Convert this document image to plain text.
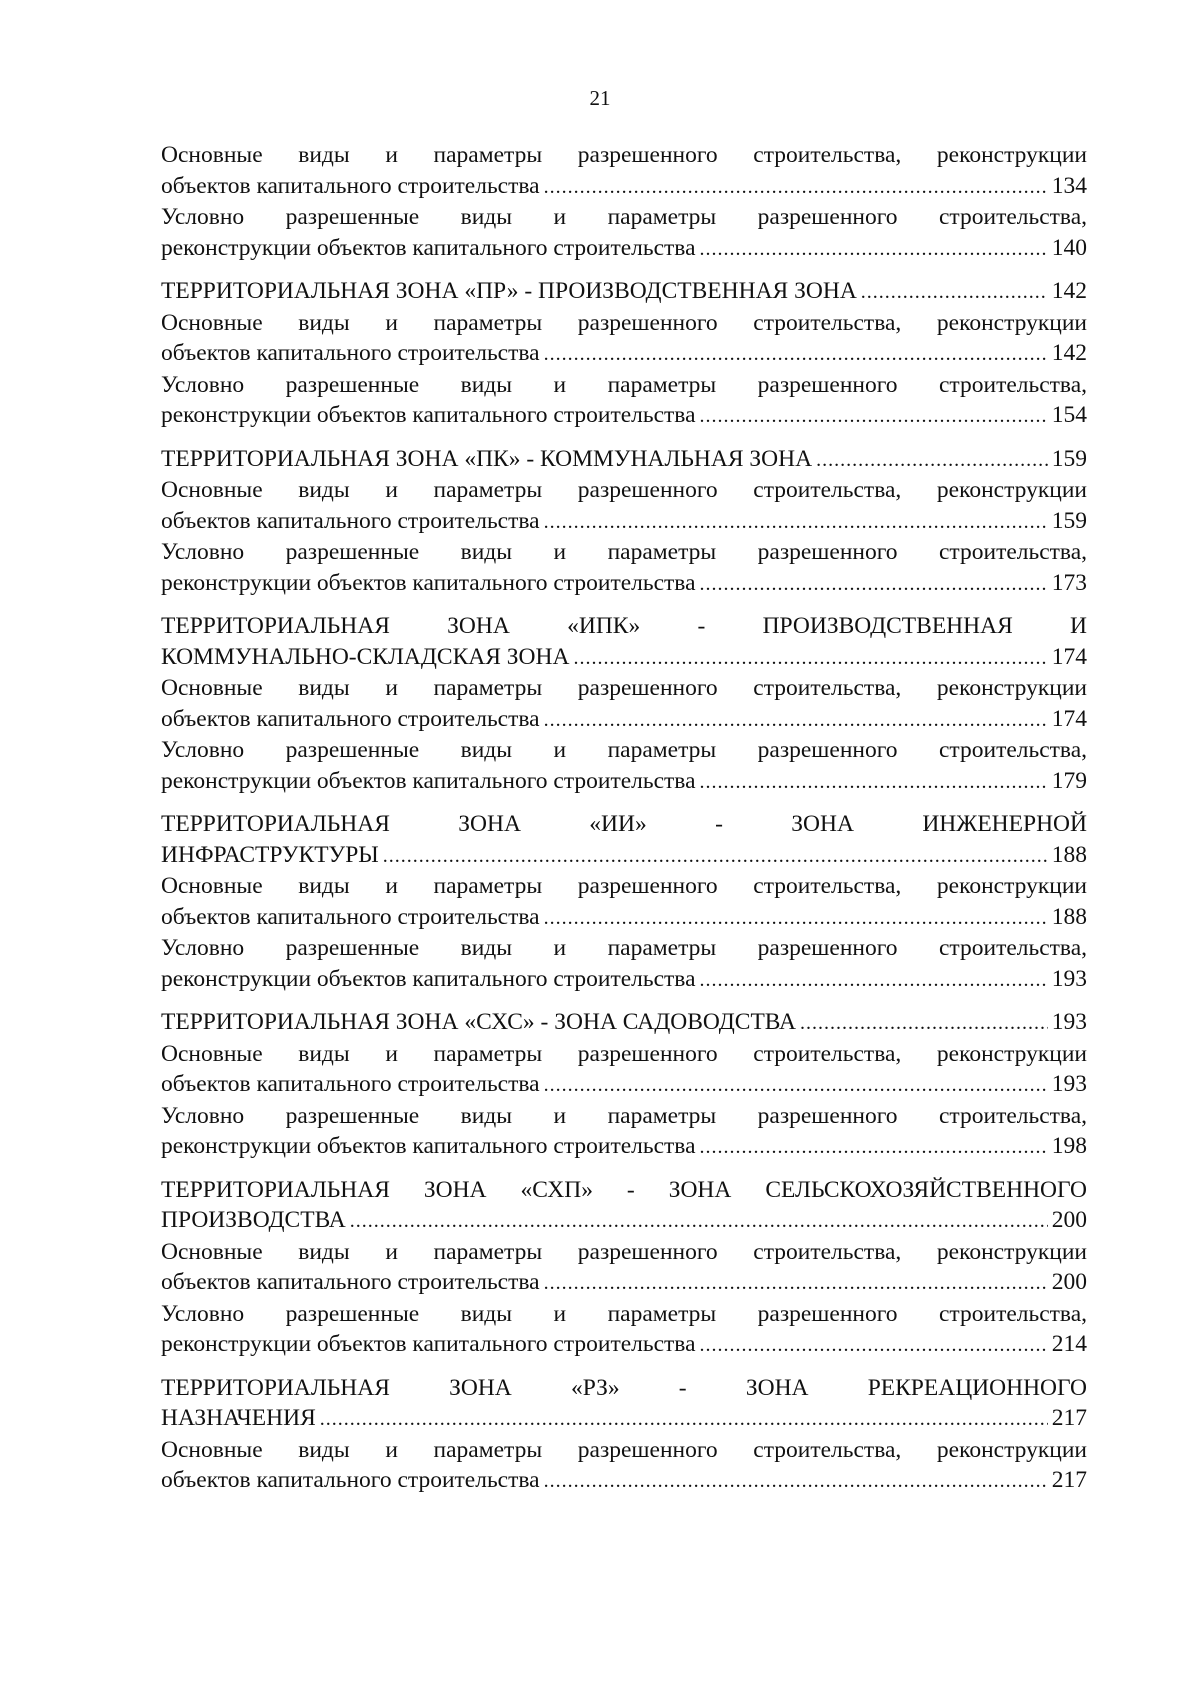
21
Основные виды и параметры разрешенного строительства, реконструкции
объектов капитального строительства .....	134
Условно разрешенные виды и параметры разрешенного строительства,
реконструкции объектов капитального строительства .....	140
ТЕРРИТОРИАЛЬНАЯ ЗОНА «ПР» - ПРОИЗВОДСТВЕННАЯ ЗОНА .....	142
Основные виды и параметры разрешенного строительства, реконструкции
объектов капитального строительства .....	142
Условно разрешенные виды и параметры разрешенного строительства,
реконструкции объектов капитального строительства .....	154
ТЕРРИТОРИАЛЬНАЯ ЗОНА «ПК» - КОММУНАЛЬНАЯ ЗОНА .....	159
Основные виды и параметры разрешенного строительства, реконструкции
объектов капитального строительства .....	159
Условно разрешенные виды и параметры разрешенного строительства,
реконструкции объектов капитального строительства .....	173
ТЕРРИТОРИАЛЬНАЯ ЗОНА «ИПК» - ПРОИЗВОДСТВЕННАЯ И
КОММУНАЛЬНО-СКЛАДСКАЯ ЗОНА .....	174
Основные виды и параметры разрешенного строительства, реконструкции
объектов капитального строительства .....	174
Условно разрешенные виды и параметры разрешенного строительства,
реконструкции объектов капитального строительства .....	179
ТЕРРИТОРИАЛЬНАЯ ЗОНА «ИИ» - ЗОНА ИНЖЕНЕРНОЙ
ИНФРАСТРУКТУРЫ .....	188
Основные виды и параметры разрешенного строительства, реконструкции
объектов капитального строительства .....	188
Условно разрешенные виды и параметры разрешенного строительства,
реконструкции объектов капитального строительства .....	193
ТЕРРИТОРИАЛЬНАЯ ЗОНА «СХС» - ЗОНА САДОВОДСТВА .....	193
Основные виды и параметры разрешенного строительства, реконструкции
объектов капитального строительства .....	193
Условно разрешенные виды и параметры разрешенного строительства,
реконструкции объектов капитального строительства .....	198
ТЕРРИТОРИАЛЬНАЯ ЗОНА «СХП» - ЗОНА СЕЛЬСКОХОЗЯЙСТВЕННОГО
ПРОИЗВОДСТВА .....	200
Основные виды и параметры разрешенного строительства, реконструкции
объектов капитального строительства .....	200
Условно разрешенные виды и параметры разрешенного строительства,
реконструкции объектов капитального строительства .....	214
ТЕРРИТОРИАЛЬНАЯ ЗОНА «РЗ» - ЗОНА РЕКРЕАЦИОННОГО
НАЗНАЧЕНИЯ .....	217
Основные виды и параметры разрешенного строительства, реконструкции
объектов капитального строительства .....	217
